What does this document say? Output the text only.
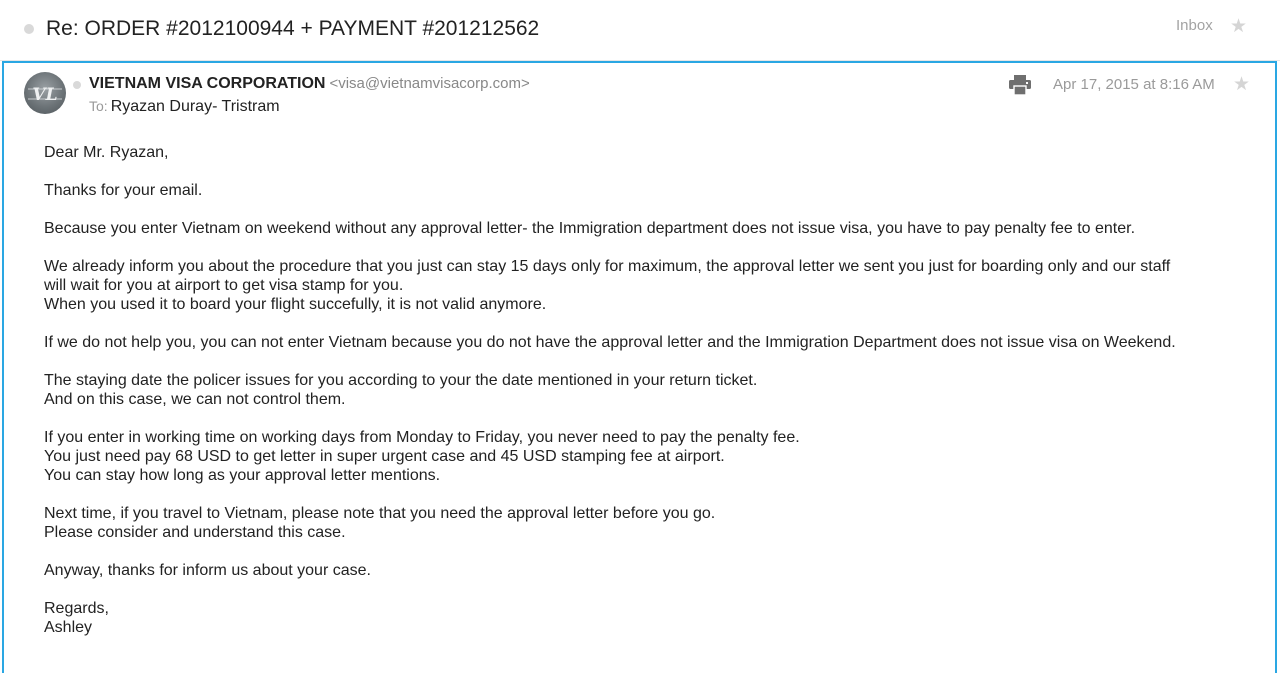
Re: ORDER #2012100944 + PAYMENT #201212562	Inbox ★
VL
VIETNAM VISA CORPORATION <visa@vietnamvisacorp.com>
To: Ryazan Duray- Tristram
Apr 17, 2015 at 8:16 AM ★

Dear Mr. Ryazan,

Thanks for your email.

Because you enter Vietnam on weekend without any approval letter- the Immigration department does not issue visa, you have to pay penalty fee to enter.

We already inform you about the procedure that you just can stay 15 days only for maximum, the approval letter we sent you just for boarding only and our staff
will wait for you at airport to get visa stamp for you.
When you used it to board your flight succefully, it is not valid anymore.

If we do not help you, you can not enter Vietnam because you do not have the approval letter and the Immigration Department does not issue visa on Weekend.

The staying date the policer issues for you according to your the date mentioned in your return ticket.
And on this case, we can not control them.

If you enter in working time on working days from Monday to Friday, you never need to pay the penalty fee.
You just need pay 68 USD to get letter in super urgent case and 45 USD stamping fee at airport.
You can stay how long as your approval letter mentions.

Next time, if you travel to Vietnam, please note that you need the approval letter before you go.
Please consider and understand this case.

Anyway, thanks for inform us about your case.

Regards,
Ashley
